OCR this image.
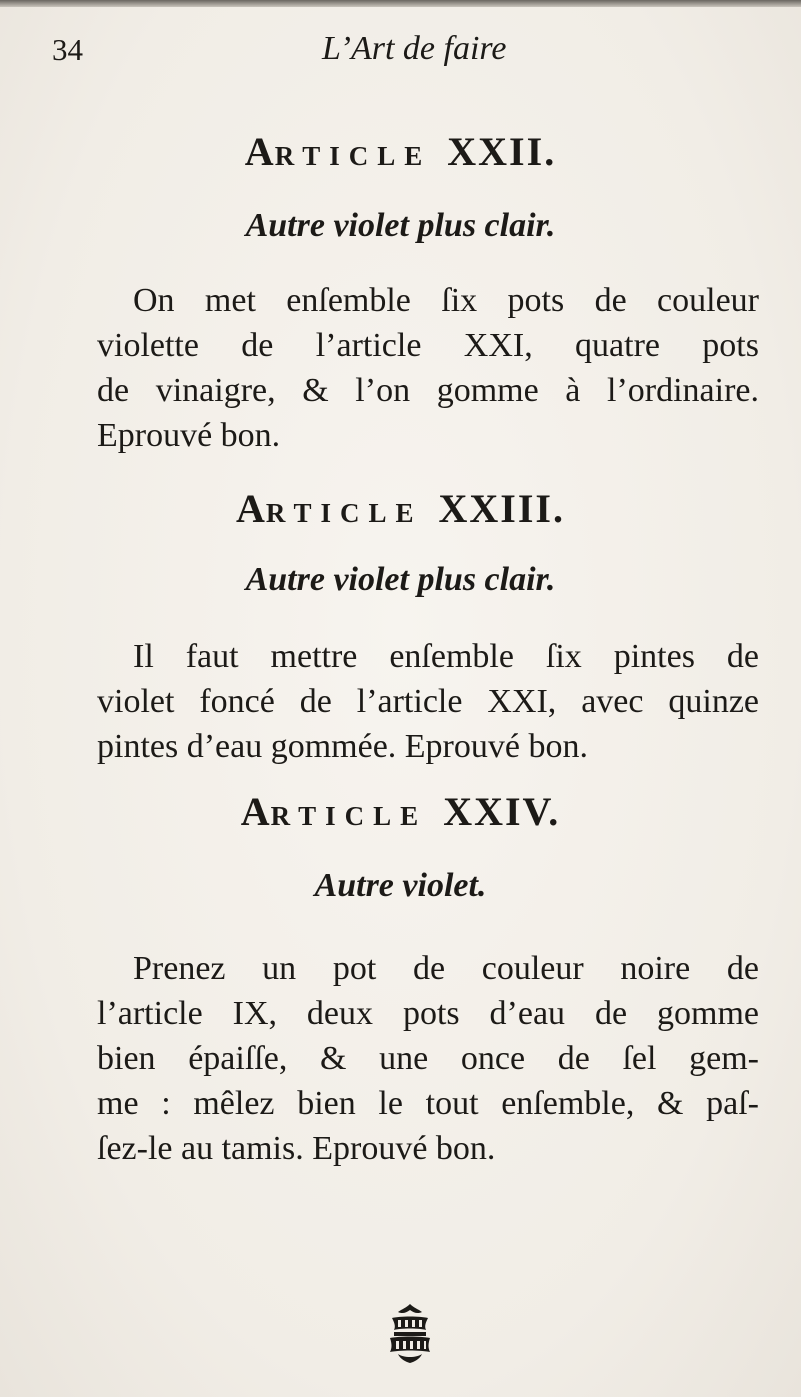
34	L’Art de faire
ARTICLE XXII.
Autre violet plus clair.
On met enſemble ſix pots de couleur
violette de l’article XXI, quatre pots
de vinaigre, & l’on gomme à l’ordinaire.
Eprouvé bon.
ARTICLE XXIII.
Autre violet plus clair.
Il faut mettre enſemble ſix pintes de
violet foncé de l’article XXI, avec quinze
pintes d’eau gommée. Eprouvé bon.
ARTICLE XXIV.
Autre violet.
Prenez un pot de couleur noire de
l’article IX, deux pots d’eau de gomme
bien épaiſſe, & une once de ſel gem-
me : mêlez bien le tout enſemble, & paſ-
ſez-le au tamis. Eprouvé bon.
